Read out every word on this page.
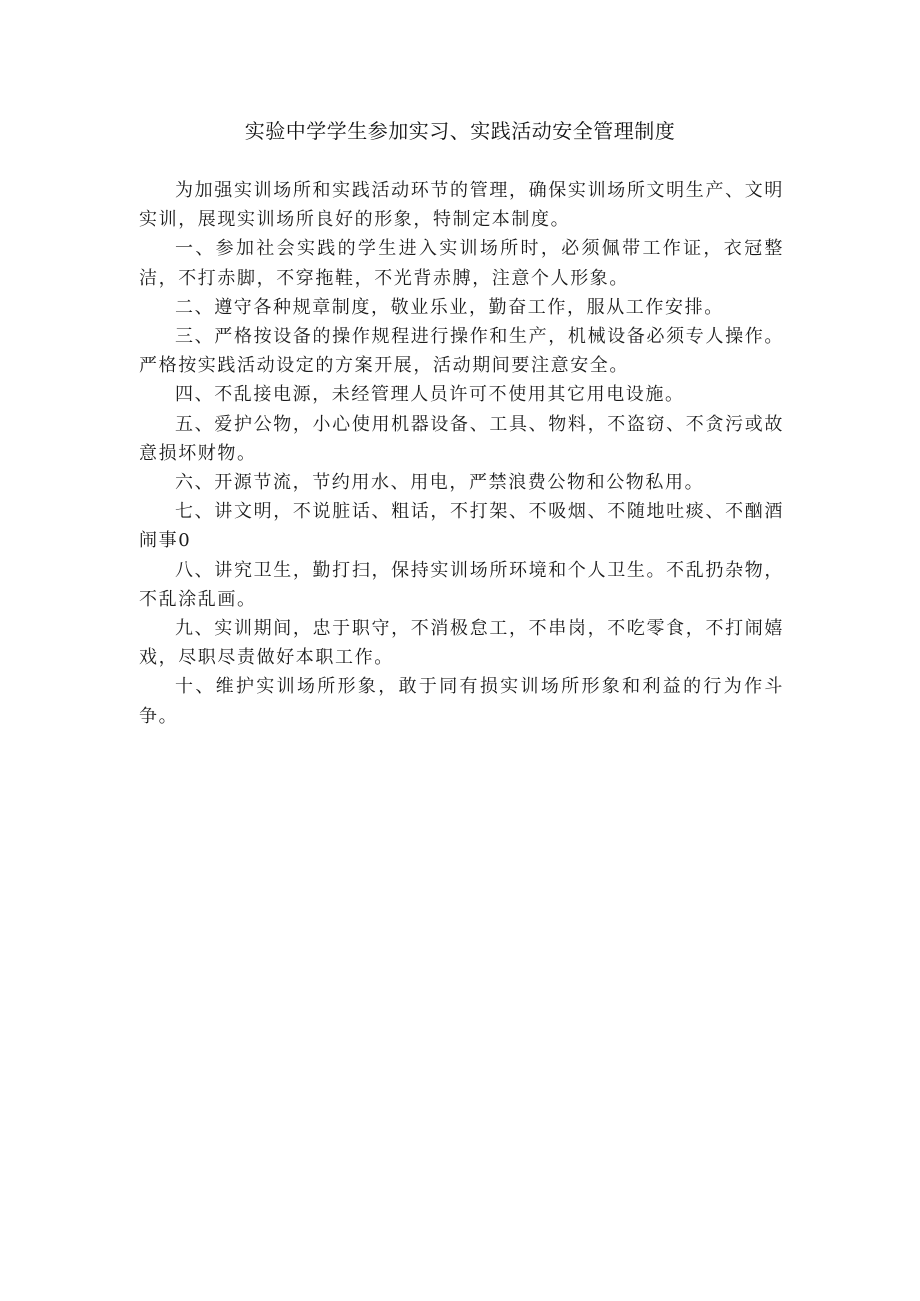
实验中学学生参加实习、实践活动安全管理制度

为加强实训场所和实践活动环节的管理，确保实训场所文明生产、文明实训，展现实训场所良好的形象，特制定本制度。

一、参加社会实践的学生进入实训场所时，必须佩带工作证，衣冠整洁，不打赤脚，不穿拖鞋，不光背赤膊，注意个人形象。

二、遵守各种规章制度，敬业乐业，勤奋工作，服从工作安排。

三、严格按设备的操作规程进行操作和生产，机械设备必须专人操作。严格按实践活动设定的方案开展，活动期间要注意安全。

四、不乱接电源，未经管理人员许可不使用其它用电设施。

五、爱护公物，小心使用机器设备、工具、物料，不盗窃、不贪污或故意损坏财物。

六、开源节流，节约用水、用电，严禁浪费公物和公物私用。

七、讲文明，不说脏话、粗话，不打架、不吸烟、不随地吐痰、不酗酒闹事0

八、讲究卫生，勤打扫，保持实训场所环境和个人卫生。不乱扔杂物，不乱涂乱画。

九、实训期间，忠于职守，不消极怠工，不串岗，不吃零食，不打闹嬉戏，尽职尽责做好本职工作。

十、维护实训场所形象，敢于同有损实训场所形象和利益的行为作斗争。
